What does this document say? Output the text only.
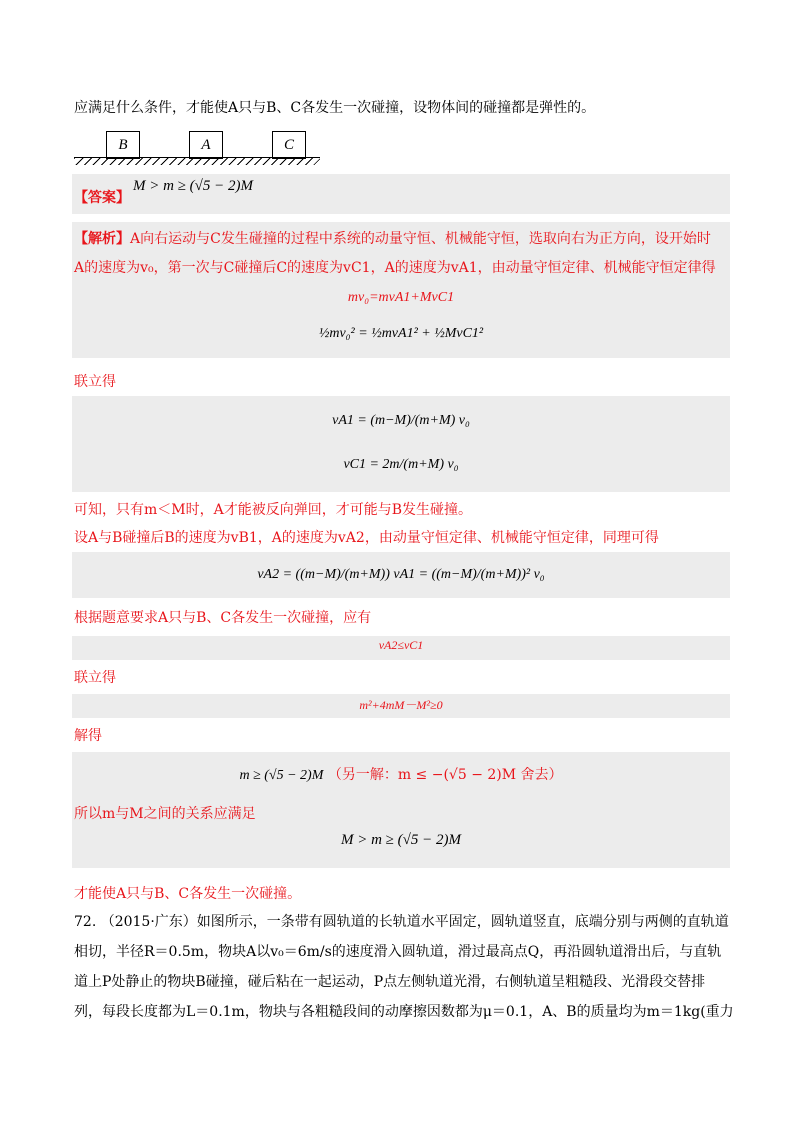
应满足什么条件，才能使A只与B、C各发生一次碰撞，设物体间的碰撞都是弹性的。
B	A	C
【答案】
M > m ≥ (√5 − 2)M
【解析】A向右运动与C发生碰撞的过程中系统的动量守恒、机械能守恒，选取向右为正方向，设开始时
A的速度为v₀，第一次与C碰撞后C的速度为vC1，A的速度为vA1，由动量守恒定律、机械能守恒定律得
mv₀=mvA1+MvC1
½mv₀² = ½mvA1² + ½MvC1²
联立得
vA1 = (m−M)/(m+M) v₀
vC1 = 2m/(m+M) v₀
可知，只有m＜M时，A才能被反向弹回，才可能与B发生碰撞。
设A与B碰撞后B的速度为vB1，A的速度为vA2，由动量守恒定律、机械能守恒定律，同理可得
vA2 = ((m−M)/(m+M)) vA1 = ((m−M)/(m+M))² v₀
根据题意要求A只与B、C各发生一次碰撞，应有
vA2≤vC1
联立得
m²+4mM－M²≥0
解得
m ≥ (√5 − 2)M （另一解：m ≤ −(√5 − 2)M 舍去）
所以m与M之间的关系应满足
M > m ≥ (√5 − 2)M
才能使A只与B、C各发生一次碰撞。
72. （2015·广东）如图所示，一条带有圆轨道的长轨道水平固定，圆轨道竖直，底端分别与两侧的直轨道
相切，半径R＝0.5m，物块A以v₀＝6m/s的速度滑入圆轨道，滑过最高点Q，再沿圆轨道滑出后，与直轨
道上P处静止的物块B碰撞，碰后粘在一起运动，P点左侧轨道光滑，右侧轨道呈粗糙段、光滑段交替排
列，每段长度都为L＝0.1m，物块与各粗糙段间的动摩擦因数都为μ＝0.1，A、B的质量均为m＝1kg(重力
